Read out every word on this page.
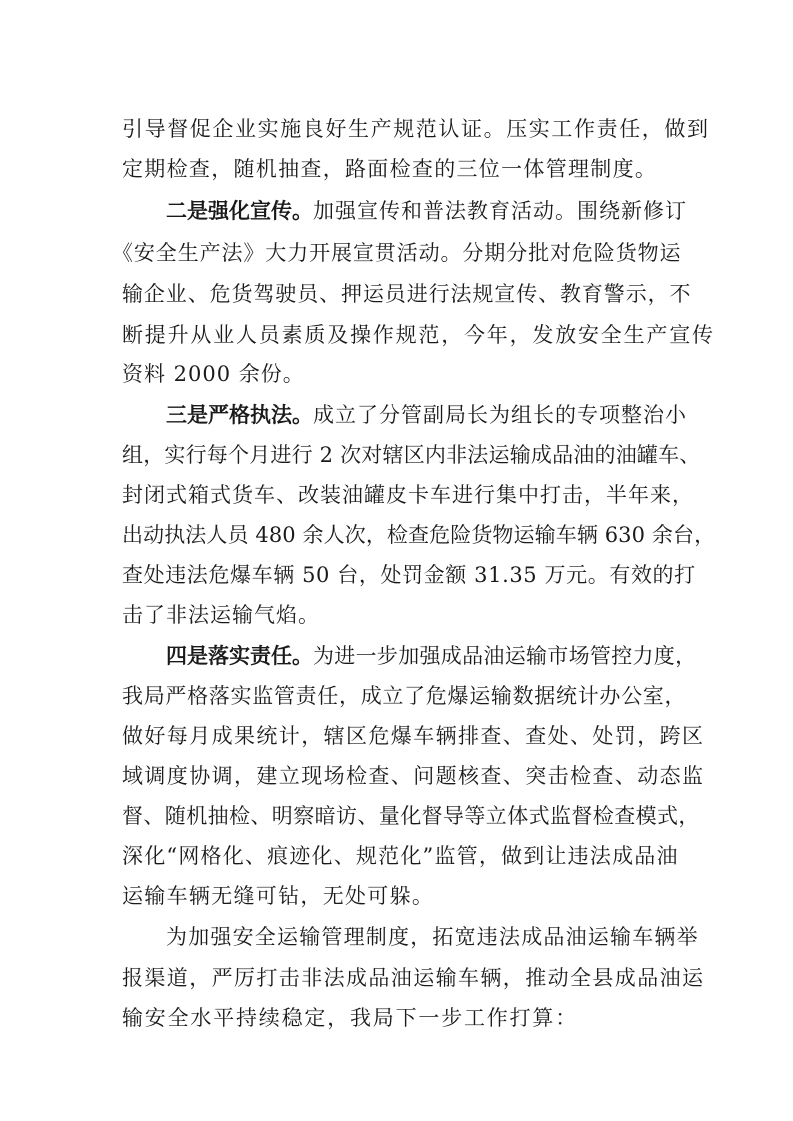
引导督促企业实施良好生产规范认证。压实工作责任，做到
定期检查，随机抽查，路面检查的三位一体管理制度。
二是强化宣传。加强宣传和普法教育活动。围绕新修订
《安全生产法》大力开展宣贯活动。分期分批对危险货物运
输企业、危货驾驶员、押运员进行法规宣传、教育警示，不
断提升从业人员素质及操作规范，今年，发放安全生产宣传
资料 2000 余份。
三是严格执法。成立了分管副局长为组长的专项整治小
组，实行每个月进行 2 次对辖区内非法运输成品油的油罐车、
封闭式箱式货车、改装油罐皮卡车进行集中打击，半年来，
出动执法人员 480 余人次，检查危险货物运输车辆 630 余台，
查处违法危爆车辆 50 台，处罚金额 31.35 万元。有效的打
击了非法运输气焰。
四是落实责任。为进一步加强成品油运输市场管控力度，
我局严格落实监管责任，成立了危爆运输数据统计办公室，
做好每月成果统计，辖区危爆车辆排查、查处、处罚，跨区
域调度协调，建立现场检查、问题核查、突击检查、动态监
督、随机抽检、明察暗访、量化督导等立体式监督检查模式，
深化“网格化、痕迹化、规范化”监管，做到让违法成品油
运输车辆无缝可钻，无处可躲。
为加强安全运输管理制度，拓宽违法成品油运输车辆举
报渠道，严厉打击非法成品油运输车辆，推动全县成品油运
输安全水平持续稳定，我局下一步工作打算：
